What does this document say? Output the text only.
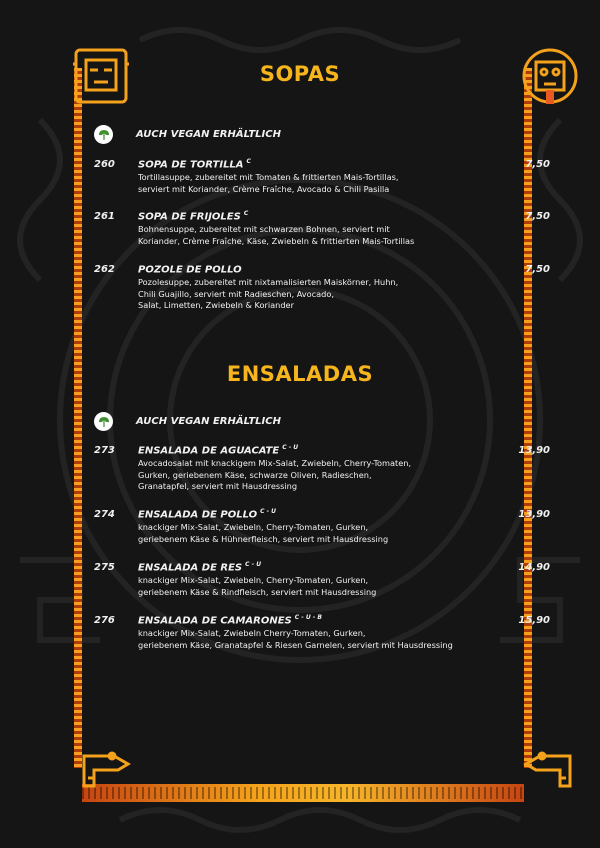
SOPAS
AUCH VEGAN ERHÄLTLICH
260	SOPA DE TORTILLA $^C$	7,50
Tortillasuppe, zubereitet mit Tomaten & frittierten Mais-Tortillas,
serviert mit Koriander, Crème Fraîche, Avocado & Chili Pasilla
261	SOPA DE FRIJOLES $^C$	7,50
Bohnensuppe, zubereitet mit schwarzen Bohnen, serviert mit
Koriander, Crème Fraîche, Käse, Zwiebeln & frittierten Mais-Tortillas
262	POZOLE DE POLLO	7,50
Pozolesuppe, zubereitet mit nixtamalisierten Maiskörner, Huhn,
Chili Guajillo, serviert mit Radieschen, Avocado,
Salat, Limetten, Zwiebeln & Koriander
ENSALADAS
AUCH VEGAN ERHÄLTLICH
273	ENSALADA DE AGUACATE $^{C - U}$	13,90
Avocadosalat mit knackigem Mix-Salat, Zwiebeln, Cherry-Tomaten,
Gurken, geriebenem Käse, schwarze Oliven, Radieschen,
Granatapfel, serviert mit Hausdressing
274	ENSALADA DE POLLO $^{C - U}$	13,90
knackiger Mix-Salat, Zwiebeln, Cherry-Tomaten, Gurken,
geriebenem Käse & Hühnerfleisch, serviert mit Hausdressing
275	ENSALADA DE RES $^{C - U}$	14,90
knackiger Mix-Salat, Zwiebeln, Cherry-Tomaten, Gurken,
geriebenem Käse & Rindfleisch, serviert mit Hausdressing
276	ENSALADA DE CAMARONES $^{C - U - B}$	15,90
knackiger Mix-Salat, Zwiebeln Cherry-Tomaten, Gurken,
geriebenem Käse, Granatapfel & Riesen Garnelen, serviert mit Hausdressing
